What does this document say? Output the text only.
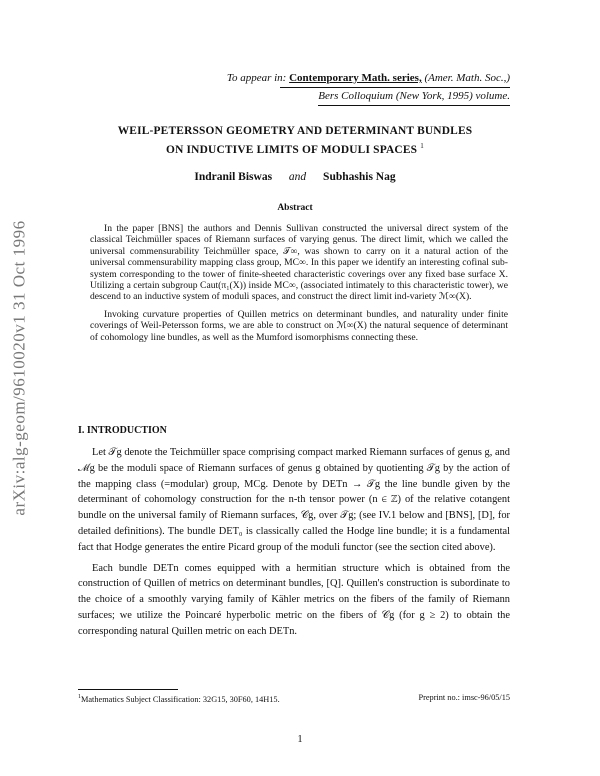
arXiv:alg-geom/9610020v1 31 Oct 1996
To appear in: Contemporary Math. series, (Amer. Math. Soc.,)
Bers Colloquium (New York, 1995) volume.
WEIL-PETERSSON GEOMETRY AND DETERMINANT BUNDLES
ON INDUCTIVE LIMITS OF MODULI SPACES $^1$
Indranil Biswas and Subhashis Nag
Abstract

In the paper [BNS] the authors and Dennis Sullivan constructed the universal direct system of the classical Teichmüller spaces of Riemann surfaces of varying genus. The direct limit, which we called the universal commensurability Teichmüller space, 𝒯∞, was shown to carry on it a natural action of the universal commensurability mapping class group, MC∞. In this paper we identify an interesting cofinal sub-system corresponding to the tower of finite-sheeted characteristic coverings over any fixed base surface X. Utilizing a certain subgroup Caut(π₁(X)) inside MC∞, (associated intimately to this characteristic tower), we descend to an inductive system of moduli spaces, and construct the direct limit ind-variety ℳ∞(X).

Invoking curvature properties of Quillen metrics on determinant bundles, and naturality under finite coverings of Weil-Petersson forms, we are able to construct on ℳ∞(X) the natural sequence of determinant of cohomology line bundles, as well as the Mumford isomorphisms connecting these.

I. INTRODUCTION

Let 𝒯g denote the Teichmüller space comprising compact marked Riemann surfaces of genus g, and ℳg be the moduli space of Riemann surfaces of genus g obtained by quotienting 𝒯g by the action of the mapping class (=modular) group, MCg. Denote by DETn → 𝒯g the line bundle given by the determinant of cohomology construction for the n-th tensor power (n ∈ ℤ) of the relative cotangent bundle on the universal family of Riemann surfaces, 𝒞g, over 𝒯g; (see IV.1 below and [BNS], [D], for detailed definitions). The bundle DET₀ is classically called the Hodge line bundle; it is a fundamental fact that Hodge generates the entire Picard group of the moduli functor (see the section cited above).

Each bundle DETn comes equipped with a hermitian structure which is obtained from the construction of Quillen of metrics on determinant bundles, [Q]. Quillen's construction is subordinate to the choice of a smoothly varying family of Kähler metrics on the fibers of the family of Riemann surfaces; we utilize the Poincaré hyperbolic metric on the fibers of 𝒞g (for g ≥ 2) to obtain the corresponding natural Quillen metric on each DETn.

$^1$Mathematics Subject Classification: 32G15, 30F60, 14H15.	Preprint no.: imsc-96/05/15
1
